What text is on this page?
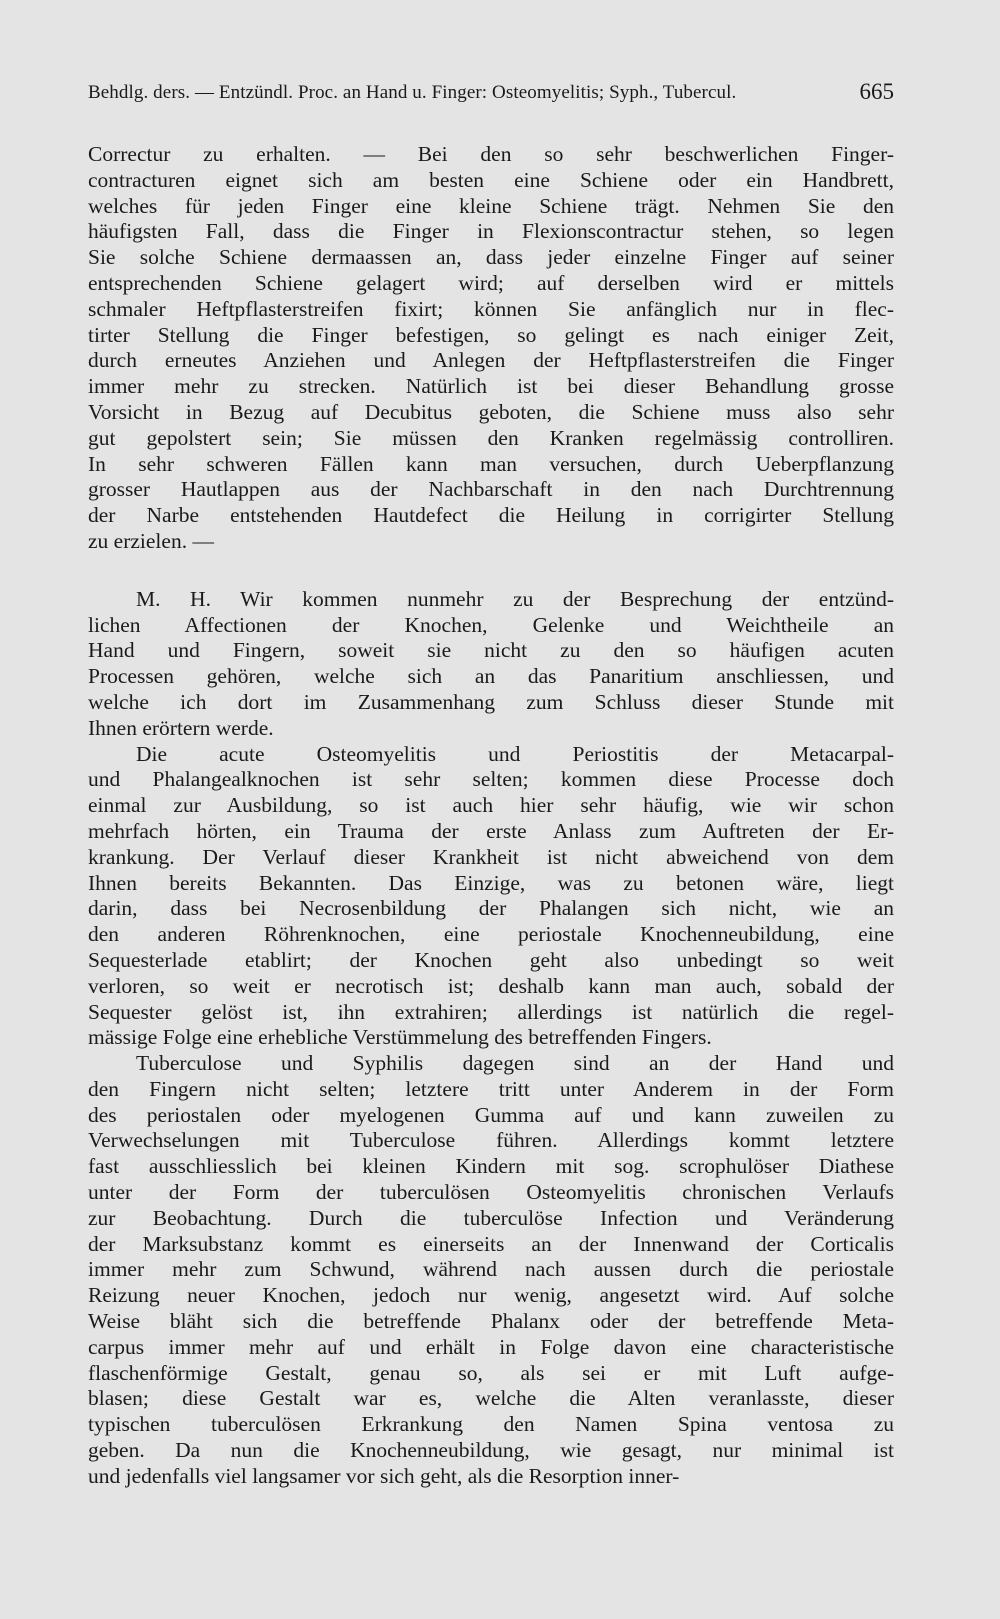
Behdlg. ders. — Entzündl. Proc. an Hand u. Finger: Osteomyelitis; Syph., Tubercul.	665
Correctur zu erhalten. — Bei den so sehr beschwerlichen Finger-
contracturen eignet sich am besten eine Schiene oder ein Handbrett,
welches für jeden Finger eine kleine Schiene trägt. Nehmen Sie den
häufigsten Fall, dass die Finger in Flexionscontractur stehen, so legen
Sie solche Schiene dermaassen an, dass jeder einzelne Finger auf seiner
entsprechenden Schiene gelagert wird; auf derselben wird er mittels
schmaler Heftpflasterstreifen fixirt; können Sie anfänglich nur in flec-
tirter Stellung die Finger befestigen, so gelingt es nach einiger Zeit,
durch erneutes Anziehen und Anlegen der Heftpflasterstreifen die Finger
immer mehr zu strecken. Natürlich ist bei dieser Behandlung grosse
Vorsicht in Bezug auf Decubitus geboten, die Schiene muss also sehr
gut gepolstert sein; Sie müssen den Kranken regelmässig controlliren.
In sehr schweren Fällen kann man versuchen, durch Ueberpflanzung
grosser Hautlappen aus der Nachbarschaft in den nach Durchtrennung
der Narbe entstehenden Hautdefect die Heilung in corrigirter Stellung
zu erzielen. —
M. H. Wir kommen nunmehr zu der Besprechung der entzünd-
lichen Affectionen der Knochen, Gelenke und Weichtheile an
Hand und Fingern, soweit sie nicht zu den so häufigen acuten
Processen gehören, welche sich an das Panaritium anschliessen, und
welche ich dort im Zusammenhang zum Schluss dieser Stunde mit
Ihnen erörtern werde.
Die acute Osteomyelitis und Periostitis der Metacarpal-
und Phalangealknochen ist sehr selten; kommen diese Processe doch
einmal zur Ausbildung, so ist auch hier sehr häufig, wie wir schon
mehrfach hörten, ein Trauma der erste Anlass zum Auftreten der Er-
krankung. Der Verlauf dieser Krankheit ist nicht abweichend von dem
Ihnen bereits Bekannten. Das Einzige, was zu betonen wäre, liegt
darin, dass bei Necrosenbildung der Phalangen sich nicht, wie an
den anderen Röhrenknochen, eine periostale Knochenneubildung, eine
Sequesterlade etablirt; der Knochen geht also unbedingt so weit
verloren, so weit er necrotisch ist; deshalb kann man auch, sobald der
Sequester gelöst ist, ihn extrahiren; allerdings ist natürlich die regel-
mässige Folge eine erhebliche Verstümmelung des betreffenden Fingers.
Tuberculose und Syphilis dagegen sind an der Hand und
den Fingern nicht selten; letztere tritt unter Anderem in der Form
des periostalen oder myelogenen Gumma auf und kann zuweilen zu
Verwechselungen mit Tuberculose führen. Allerdings kommt letztere
fast ausschliesslich bei kleinen Kindern mit sog. scrophulöser Diathese
unter der Form der tuberculösen Osteomyelitis chronischen Verlaufs
zur Beobachtung. Durch die tuberculöse Infection und Veränderung
der Marksubstanz kommt es einerseits an der Innenwand der Corticalis
immer mehr zum Schwund, während nach aussen durch die periostale
Reizung neuer Knochen, jedoch nur wenig, angesetzt wird. Auf solche
Weise bläht sich die betreffende Phalanx oder der betreffende Meta-
carpus immer mehr auf und erhält in Folge davon eine characteristische
flaschenförmige Gestalt, genau so, als sei er mit Luft aufge-
blasen; diese Gestalt war es, welche die Alten veranlasste, dieser
typischen tuberculösen Erkrankung den Namen Spina ventosa zu
geben. Da nun die Knochenneubildung, wie gesagt, nur minimal ist
und jedenfalls viel langsamer vor sich geht, als die Resorption inner-
